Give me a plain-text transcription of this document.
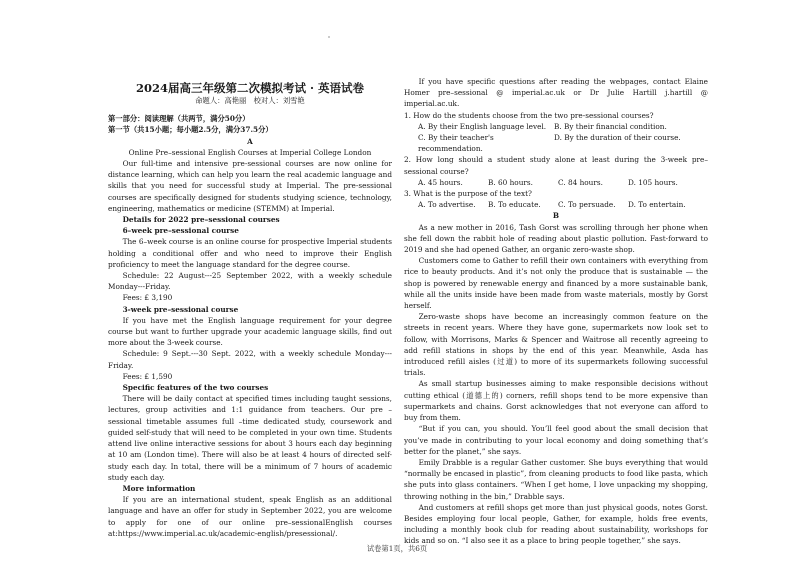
2024届高三年级第二次模拟考试 · 英语试卷

命题人：高艳丽　校对人：刘雪艳

第一部分：阅读理解（共两节，满分50分）

第一节（共15小题；每小题2.5分，满分37.5分）

A

Online Pre–sessional English Courses at Imperial College London

Our full-time and intensive pre-sessional courses are now online for distance learning, which can help you learn the real academic language and skills that you need for successful study at Imperial. The pre-sessional courses are specifically designed for students studying science, technology, engineering, mathematics or medicine (STEMM) at Imperial.

Details for 2022 pre–sessional courses

6–week pre–sessional course

The 6–week course is an online course for prospective Imperial students holding a conditional offer and who need to improve their English proficiency to meet the language standard for the degree course.

Schedule: 22 August---25 September 2022, with a weekly schedule Monday---Friday.

Fees: £ 3,190

3-week pre–sessional course

If you have met the English language requirement for your degree course but want to further upgrade your academic language skills, find out more about the 3-week course.

Schedule: 9 Sept.---30 Sept. 2022, with a weekly schedule Monday---Friday.

Fees: £ 1,590

Specific features of the two courses

There will be daily contact at specified times including taught sessions, lectures, group activities and 1:1 guidance from teachers. Our pre –sessional timetable assumes full –time dedicated study, coursework and guided self-study that will need to be completed in your own time. Students attend live online interactive sessions for about 3 hours each day beginning at 10 am (London time). There will also be at least 4 hours of directed self-study each day. In total, there will be a minimum of 7 hours of academic study each day.

More information

If you are an international student, speak English as an additional language and have an offer for study in September 2022, you are welcome to apply for one of our online pre–sessionalEnglish courses at:https://www.imperial.ac.uk/academic-english/presessional/.

If you have specific questions after reading the webpages, contact Elaine Homer pre–sessional @ imperial.ac.uk or Dr Julie Hartill j.hartill @ imperial.ac.uk.

1. How do the students choose from the two pre-sessional courses?

A. By their English language level.	B. By their financial condition.
C. By their teacher's recommendation.
D. By the duration of their course.

2. How long should a student study alone at least during the 3-week pre–sessional course?

A. 45 hours.	B. 60 hours.	C. 84 hours.	D. 105 hours.

3. What is the purpose of the text?

A. To advertise.	B. To educate.	C. To persuade.	D. To entertain.

B

As a new mother in 2016, Tash Gorst was scrolling through her phone when she fell down the rabbit hole of reading about plastic pollution. Fast-forward to 2019 and she had opened Gather, an organic zero-waste shop.

Customers come to Gather to refill their own containers with everything from rice to beauty products. And it’s not only the produce that is sustainable — the shop is powered by renewable energy and financed by a more sustainable bank, while all the units inside have been made from waste materials, mostly by Gorst herself.

Zero-waste shops have become an increasingly common feature on the streets in recent years. Where they have gone, supermarkets now look set to follow, with Morrisons, Marks & Spencer and Waitrose all recently agreeing to add refill stations in shops by the end of this year. Meanwhile, Asda has introduced refill aisles (过道) to more of its supermarkets following successful trials.

As small startup businesses aiming to make responsible decisions without cutting ethical (道德上的) corners, refill shops tend to be more expensive than supermarkets and chains. Gorst acknowledges that not everyone can afford to buy from them.

“But if you can, you should. You’ll feel good about the small decision that you’ve made in contributing to your local economy and doing something that’s better for the planet,” she says.

Emily Drabble is a regular Gather customer. She buys everything that would “normally be encased in plastic”, from cleaning products to food like pasta, which she puts into glass containers. “When I get home, I love unpacking my shopping, throwing nothing in the bin,” Drabble says.

And customers at refill shops get more than just physical goods, notes Gorst. Besides employing four local people, Gather, for example, holds free events, including a monthly book club for reading about sustainability, workshops for kids and so on. “I also see it as a place to bring people together,” she says.

试卷第1页，共6页
